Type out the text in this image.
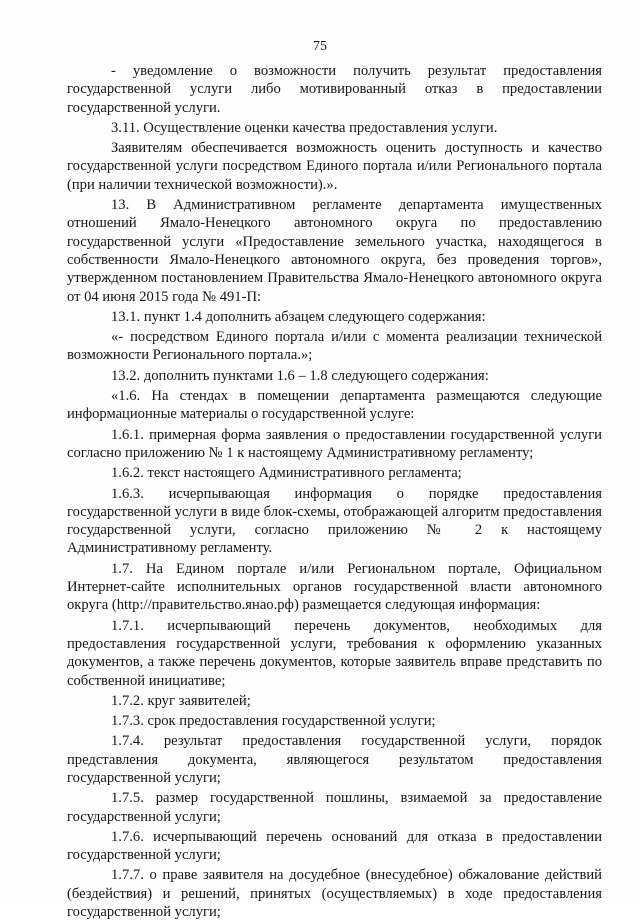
75

- уведомление о возможности получить результат предоставления государственной услуги либо мотивированный отказ в предоставлении государственной услуги.

3.11. Осуществление оценки качества предоставления услуги.

Заявителям обеспечивается возможность оценить доступность и качество государственной услуги посредством Единого портала и/или Регионального портала (при наличии технической возможности).».

13. В Административном регламенте департамента имущественных отношений Ямало-Ненецкого автономного округа по предоставлению государственной услуги «Предоставление земельного участка, находящегося в собственности Ямало-Ненецкого автономного округа, без проведения торгов», утвержденном постановлением Правительства Ямало-Ненецкого автономного округа от 04 июня 2015 года № 491-П:

13.1. пункт 1.4 дополнить абзацем следующего содержания:

«- посредством Единого портала и/или с момента реализации технической возможности Регионального портала.»;

13.2. дополнить пунктами 1.6 – 1.8 следующего содержания:

«1.6. На стендах в помещении департамента размещаются следующие информационные материалы о государственной услуге:

1.6.1. примерная форма заявления о предоставлении государственной услуги согласно приложению № 1 к настоящему Административному регламенту;

1.6.2. текст настоящего Административного регламента;

1.6.3. исчерпывающая информация о порядке предоставления государственной услуги в виде блок-схемы, отображающей алгоритм предоставления государственной услуги, согласно приложению № 2 к настоящему Административному регламенту.

1.7. На Едином портале и/или Региональном портале, Официальном Интернет-сайте исполнительных органов государственной власти автономного округа (http://правительство.янао.рф) размещается следующая информация:

1.7.1. исчерпывающий перечень документов, необходимых для предоставления государственной услуги, требования к оформлению указанных документов, а также перечень документов, которые заявитель вправе представить по собственной инициативе;

1.7.2. круг заявителей;

1.7.3. срок предоставления государственной услуги;

1.7.4. результат предоставления государственной услуги, порядок представления документа, являющегося результатом предоставления государственной услуги;

1.7.5. размер государственной пошлины, взимаемой за предоставление государственной услуги;

1.7.6. исчерпывающий перечень оснований для отказа в предоставлении государственной услуги;

1.7.7. о праве заявителя на досудебное (внесудебное) обжалование действий (бездействия) и решений, принятых (осуществляемых) в ходе предоставления государственной услуги;
